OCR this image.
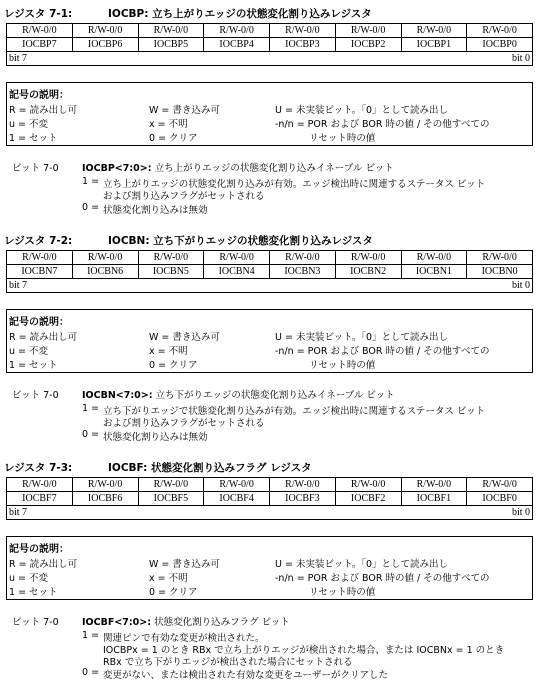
レジスタ 7-1:	IOCBP: 立ち上がりエッジの状態変化割り込みレジスタ
R/W-0/0	R/W-0/0	R/W-0/0	R/W-0/0	R/W-0/0	R/W-0/0	R/W-0/0	R/W-0/0
IOCBP7	IOCBP6	IOCBP5	IOCBP4	IOCBP3	IOCBP2	IOCBP1	IOCBP0
bit 7 bit 0							
記号の説明：
R = 読み出し可	W = 書き込み可	U = 未実装ビット。「0」として読み出し
u = 不変	x = 不明	-n/n = POR および BOR 時の値 / その他すべての
1 = セット	0 = クリア	リセット時の値
ビット 7-0 IOCBP<7:0>: 立ち上がりエッジの状態変化割り込みイネーブル ビット
1 = 立ち上がりエッジの状態変化割り込みが有効。エッジ検出時に関連するステータス ビット
および割り込みフラグがセットされる
0 = 状態変化割り込みは無効
レジスタ 7-2:	IOCBN: 立ち下がりエッジの状態変化割り込みレジスタ
R/W-0/0	R/W-0/0	R/W-0/0	R/W-0/0	R/W-0/0	R/W-0/0	R/W-0/0	R/W-0/0
IOCBN7	IOCBN6	IOCBN5	IOCBN4	IOCBN3	IOCBN2	IOCBN1	IOCBN0
bit 7 bit 0							
記号の説明：
R = 読み出し可	W = 書き込み可	U = 未実装ビット。「0」として読み出し
u = 不変	x = 不明	-n/n = POR および BOR 時の値 / その他すべての
1 = セット	0 = クリア	リセット時の値
ビット 7-0 IOCBN<7:0>: 立ち下がりエッジの状態変化割り込みイネーブル ビット
1 = 立ち下がりエッジで状態変化割り込みが有効。エッジ検出時に関連するステータス ビット
および割り込みフラグがセットされる
0 = 状態変化割り込みは無効
レジスタ 7-3:	IOCBF: 状態変化割り込みフラグ レジスタ
R/W-0/0	R/W-0/0	R/W-0/0	R/W-0/0	R/W-0/0	R/W-0/0	R/W-0/0	R/W-0/0
IOCBF7	IOCBF6	IOCBF5	IOCBF4	IOCBF3	IOCBF2	IOCBF1	IOCBF0
bit 7 bit 0							
記号の説明：
R = 読み出し可	W = 書き込み可	U = 未実装ビット。「0」として読み出し
u = 不変	x = 不明	-n/n = POR および BOR 時の値 / その他すべての
1 = セット	0 = クリア	リセット時の値
ビット 7-0 IOCBF<7:0>: 状態変化割り込みフラグ ビット
1 = 関連ピンで有効な変更が検出された。
IOCBPx = 1 のとき RBx で立ち上がりエッジが検出された場合、または IOCBNx = 1 のとき
RBx で立ち下がりエッジが検出された場合にセットされる
0 = 変更がない、または検出された有効な変更をユーザーがクリアした
